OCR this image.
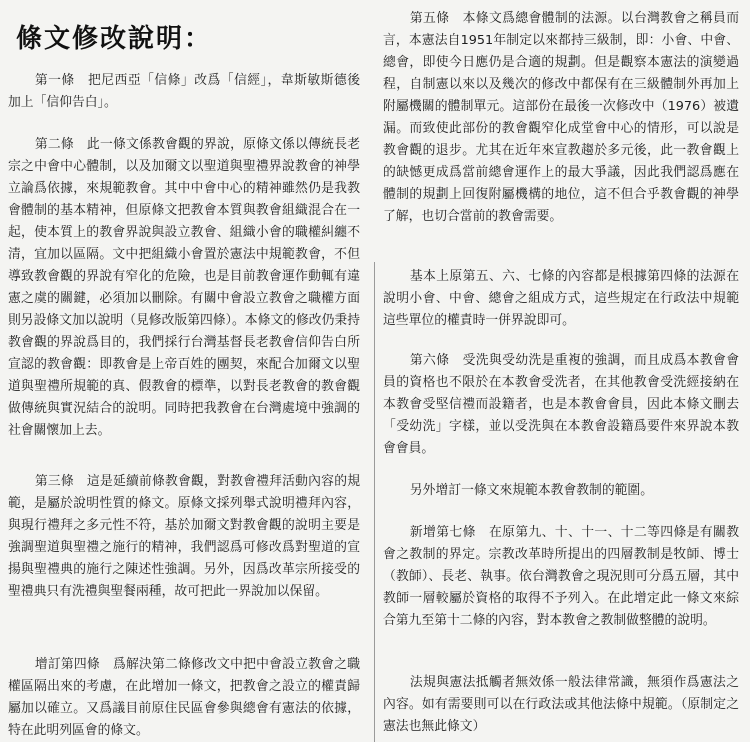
條文修改說明：

第一條　把尼西亞「信條」改爲「信經」，韋斯敏斯德後加上「信仰告白」。

第二條　此一條文係教會觀的界說，原條文係以傳統長老宗之中會中心體制，以及加爾文以聖道與聖禮界說教會的神學立論爲依據，來規範教會。其中中會中心的精神雖然仍是我教會體制的基本精神，但原條文把教會本質與教會組織混合在一起，使本質上的教會界說與設立教會、組織小會的職權糾纏不清，宜加以區隔。文中把組織小會置於憲法中規範教會，不但導致教會觀的界說有窄化的危險，也是目前教會運作動輒有違憲之虞的關鍵，必須加以刪除。有關中會設立教會之職權方面則另設條文加以說明（見修改版第四條）。本條文的修改仍秉持教會觀的界說爲目的，我們採行台灣基督長老教會信仰告白所宣認的教會觀：即教會是上帝百姓的團契，來配合加爾文以聖道與聖禮所規範的真、假教會的標準，以對長老教會的教會觀做傳統與實況結合的說明。同時把我教會在台灣處境中強調的社會關懷加上去。

第三條　這是延續前條教會觀，對教會禮拜活動內容的規範，是屬於說明性質的條文。原條文採列舉式說明禮拜內容，與現行禮拜之多元性不符，基於加爾文對教會觀的說明主要是強調聖道與聖禮之施行的精神，我們認爲可修改爲對聖道的宣揚與聖禮典的施行之陳述性強調。另外，因爲改革宗所接受的聖禮典只有洗禮與聖餐兩種，故可把此一界說加以保留。

增訂第四條　爲解決第二條修改文中把中會設立教會之職權區隔出來的考慮，在此增加一條文，把教會之設立的權責歸屬加以確立。又爲議目前原住民區會參與總會有憲法的依據，特在此明列區會的條文。

第五條　本條文爲總會體制的法源。以台灣教會之稱員而言，本憲法自1951年制定以來都持三級制，即：小會、中會、總會，即使今日應仍是合適的規劃。但是觀察本憲法的演變過程，自制憲以來以及幾次的修改中都保有在三級體制外再加上附屬機關的體制單元。這部份在最後一次修改中（1976）被遺漏。而致使此部份的教會觀窄化成堂會中心的情形，可以說是教會觀的退步。尤其在近年來宣教趨於多元後，此一教會觀上的缺憾更成爲當前總會運作上的最大爭議，因此我們認爲應在體制的規劃上回復附屬機構的地位，這不但合乎教會觀的神學了解，也切合當前的教會需要。

基本上原第五、六、七條的內容都是根據第四條的法源在說明小會、中會、總會之組成方式，這些規定在行政法中規範這些單位的權責時一併界說即可。

第六條　受洗與受幼洗是重複的強調，而且成爲本教會會員的資格也不限於在本教會受洗者，在其他教會受洗經接納在本教會受堅信禮而設籍者，也是本教會會員，因此本條文刪去「受幼洗」字樣，並以受洗與在本教會設籍爲要件來界說本教會會員。

另外增訂一條文來規範本教會教制的範圍。

新增第七條　在原第九、十、十一、十二等四條是有關教會之教制的界定。宗教改革時所提出的四層教制是牧師、博士（教師）、長老、執事。依台灣教會之現況則可分爲五層，其中教師一層較屬於資格的取得不予列入。在此增定此一條文來綜合第九至第十二條的內容，對本教會之教制做整體的說明。

法規與憲法抵觸者無效係一般法律常識，無須作爲憲法之內容。如有需要則可以在行政法或其他法條中規範。（原制定之憲法也無此條文）
